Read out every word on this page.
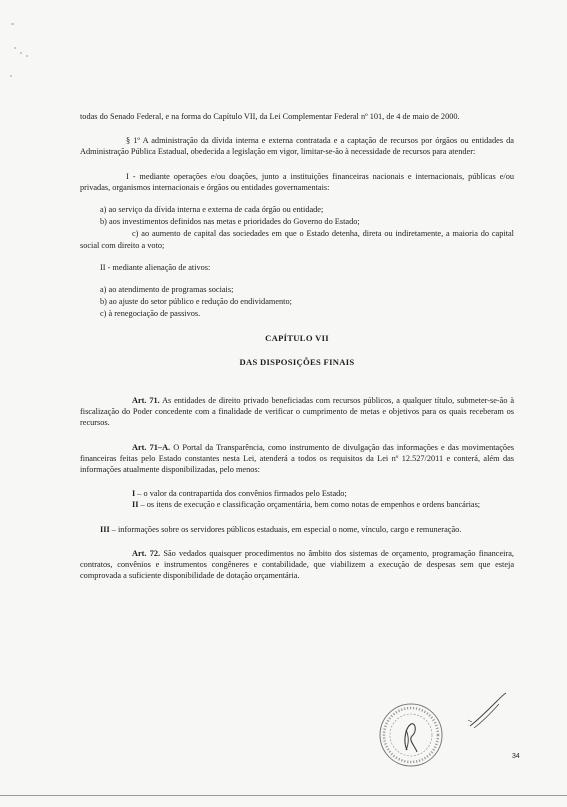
todas do Senado Federal, e na forma do Capítulo VII, da Lei Complementar Federal nº 101, de 4 de maio de 2000.

§ 1º A administração da dívida interna e externa contratada e a captação de recursos por órgãos ou entidades da Administração Pública Estadual, obedecida a legislação em vigor, limitar-se-ão à necessidade de recursos para atender:

I - mediante operações e/ou doações, junto a instituições financeiras nacionais e internacionais, públicas e/ou privadas, organismos internacionais e órgãos ou entidades governamentais:

a) ao serviço da dívida interna e externa de cada órgão ou entidade;

b) aos investimentos definidos nas metas e prioridades do Governo do Estado;

c) ao aumento de capital das sociedades em que o Estado detenha, direta ou indiretamente, a maioria do capital social com direito a voto;

II - mediante alienação de ativos:

a) ao atendimento de programas sociais;

b) ao ajuste do setor público e redução do endividamento;

c) à renegociação de passivos.

CAPÍTULO VII

DAS DISPOSIÇÕES FINAIS

Art. 71. As entidades de direito privado beneficiadas com recursos públicos, a qualquer título, submeter-se-ão à fiscalização do Poder concedente com a finalidade de verificar o cumprimento de metas e objetivos para os quais receberam os recursos.

Art. 71–A. O Portal da Transparência, como instrumento de divulgação das informações e das movimentações financeiras feitas pelo Estado constantes nesta Lei, atenderá a todos os requisitos da Lei nº 12.527/2011 e conterá, além das informações atualmente disponibilizadas, pelo menos:

I – o valor da contrapartida dos convênios firmados pelo Estado;

II – os itens de execução e classificação orçamentária, bem como notas de empenhos e ordens bancárias;

III – informações sobre os servidores públicos estaduais, em especial o nome, vínculo, cargo e remuneração.

Art. 72. São vedados quaisquer procedimentos no âmbito dos sistemas de orçamento, programação financeira, contratos, convênios e instrumentos congêneres e contabilidade, que viabilizem a execução de despesas sem que esteja comprovada a suficiente disponibilidade de dotação orçamentária.

34
